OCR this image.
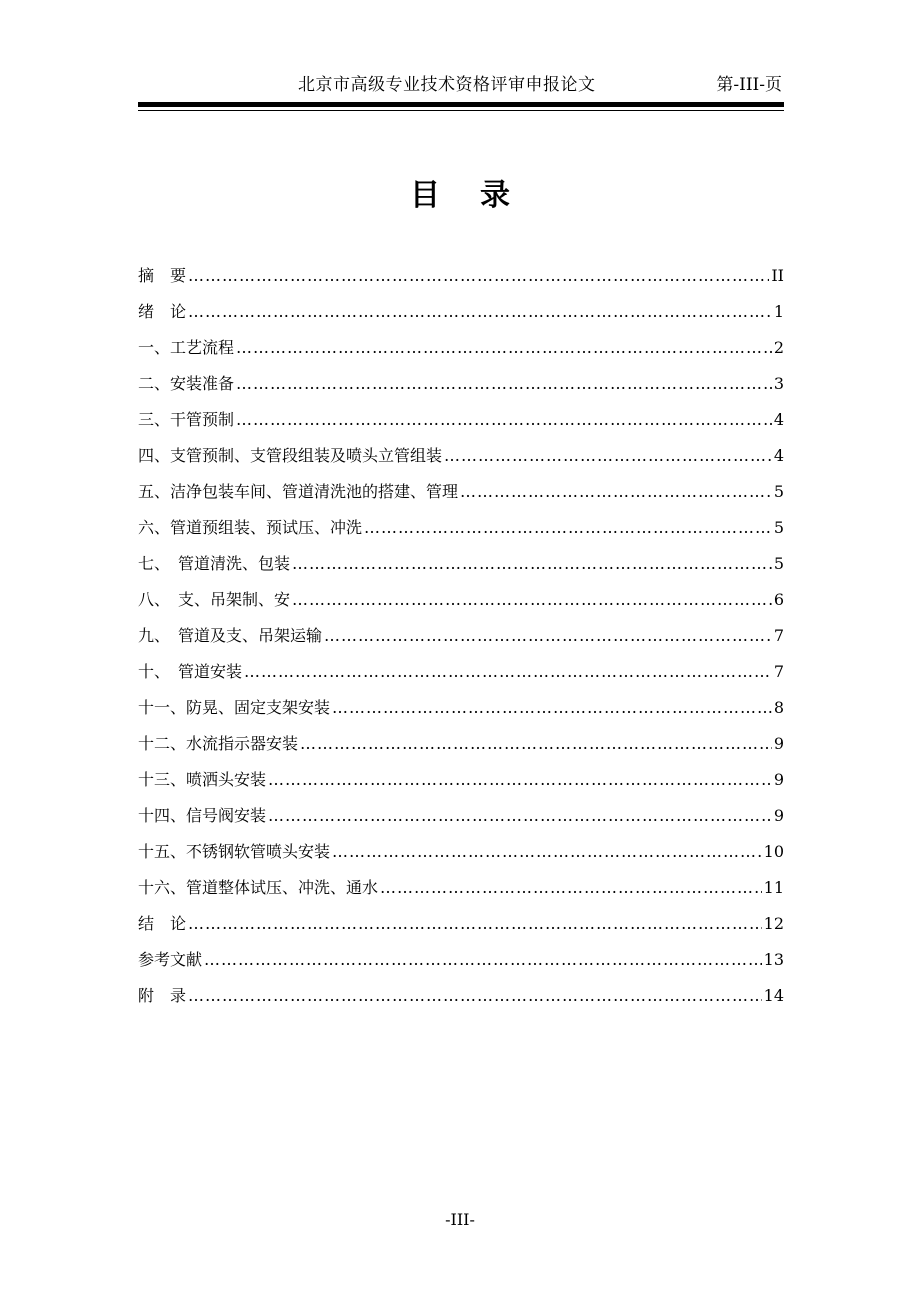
北京市高级专业技术资格评审申报论文	第-III-页
目录
摘　要 ……………………………………………………………………………………………………………………………………………………………………………………………………………	II
绪　论 ……………………………………………………………………………………………………………………………………………………………………………………………………………	1
一、工艺流程 ……………………………………………………………………………………………………………………………………………………………………………………………………………	2
二、安装准备 ……………………………………………………………………………………………………………………………………………………………………………………………………………	3
三、干管预制 ……………………………………………………………………………………………………………………………………………………………………………………………………………	4
四、支管预制、支管段组装及喷头立管组装 ……………………………………………………………………………………………………………………………………………………………………………………………………………	4
五、洁净包装车间、管道清洗池的搭建、管理 ……………………………………………………………………………………………………………………………………………………………………………………………………………	5
六、管道预组装、预试压、冲洗 ……………………………………………………………………………………………………………………………………………………………………………………………………………	5
七、　管道清洗、包装 ……………………………………………………………………………………………………………………………………………………………………………………………………………	5
八、　支、吊架制、安 ……………………………………………………………………………………………………………………………………………………………………………………………………………	6
九、　管道及支、吊架运输 ……………………………………………………………………………………………………………………………………………………………………………………………………………	7
十、　管道安装 ……………………………………………………………………………………………………………………………………………………………………………………………………………	7
十一、防晃、固定支架安装 ……………………………………………………………………………………………………………………………………………………………………………………………………………	8
十二、水流指示器安装 ……………………………………………………………………………………………………………………………………………………………………………………………………………	9
十三、喷洒头安装 ……………………………………………………………………………………………………………………………………………………………………………………………………………	9
十四、信号阀安装 ……………………………………………………………………………………………………………………………………………………………………………………………………………	9
十五、不锈钢软管喷头安装 ……………………………………………………………………………………………………………………………………………………………………………………………………………	10
十六、管道整体试压、冲洗、通水 ……………………………………………………………………………………………………………………………………………………………………………………………………………	11
结　论 ……………………………………………………………………………………………………………………………………………………………………………………………………………	12
参考文献 ……………………………………………………………………………………………………………………………………………………………………………………………………………	13
附　录 ……………………………………………………………………………………………………………………………………………………………………………………………………………	14
-III-
